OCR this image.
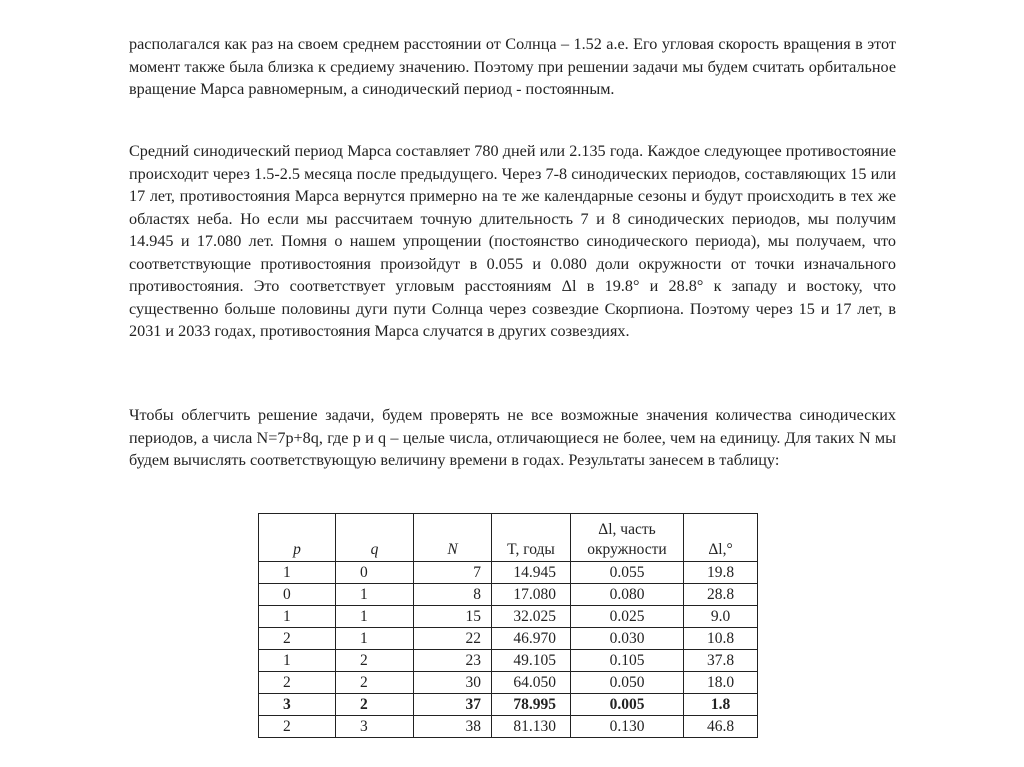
располагался как раз на своем среднем расстоянии от Солнца – 1.52 а.е. Его угловая скорость вращения в этот момент также была близка к средиему значению. Поэтому при решении задачи мы будем считать орбитальное вращение Марса равномерным, а синодический период - постоянным.

Средний синодический период Марса составляет 780 дней или 2.135 года. Каждое следующее противостояние происходит через 1.5-2.5 месяца после предыдущего. Через 7-8 синодических периодов, составляющих 15 или 17 лет, противостояния Марса вернутся примерно на те же календарные сезоны и будут происходить в тех же областях неба. Но если мы рассчитаем точную длительность 7 и 8 синодических периодов, мы получим 14.945 и 17.080 лет. Помня о нашем упрощении (постоянство синодического периода), мы получаем, что соответствующие противостояния произойдут в 0.055 и 0.080 доли окружности от точки изначального противостояния. Это соответствует угловым расстояниям Δl в 19.8° и 28.8° к западу и востоку, что существенно больше половины дуги пути Солнца через созвездие Скорпиона. Поэтому через 15 и 17 лет, в 2031 и 2033 годах, противостояния Марса случатся в других созвездиях.

Чтобы облегчить решение задачи, будем проверять не все возможные значения количества синодических периодов, а числа N=7p+8q, где p и q – целые числа, отличающиеся не более, чем на единицу. Для таких N мы будем вычислять соответствующую величину времени в годах. Результаты занесем в таблицу:

p	q	N	T, годы	Δl, часть окружности	Δl,°
1	0	7	14.945	0.055	19.8
0	1	8	17.080	0.080	28.8
1	1	15	32.025	0.025	9.0
2	1	22	46.970	0.030	10.8
1	2	23	49.105	0.105	37.8
2	2	30	64.050	0.050	18.0
3	2	37	78.995	0.005	1.8
2	3	38	81.130	0.130	46.8
